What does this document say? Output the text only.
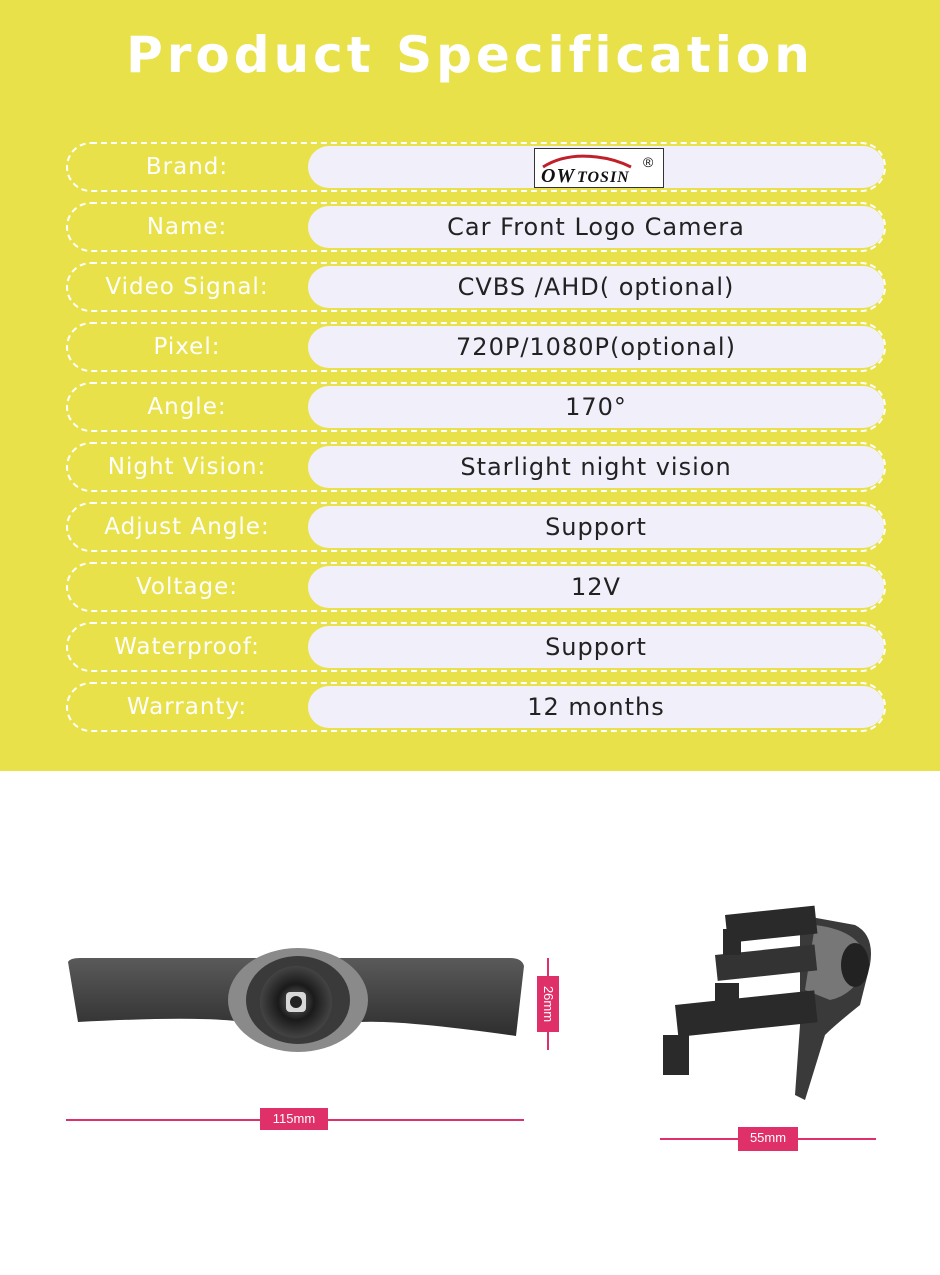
Product Specification
Brand:	OW TOSIN
®
Name:	Car Front Logo Camera
Video Signal:	CVBS /AHD( optional)
Pixel:	720P/1080P(optional)
Angle:	170°
Night Vision:	Starlight night vision
Adjust Angle:	Support
Voltage:	12V
Waterproof:	Support
Warranty:	12 months
26mm
115mm
55mm
